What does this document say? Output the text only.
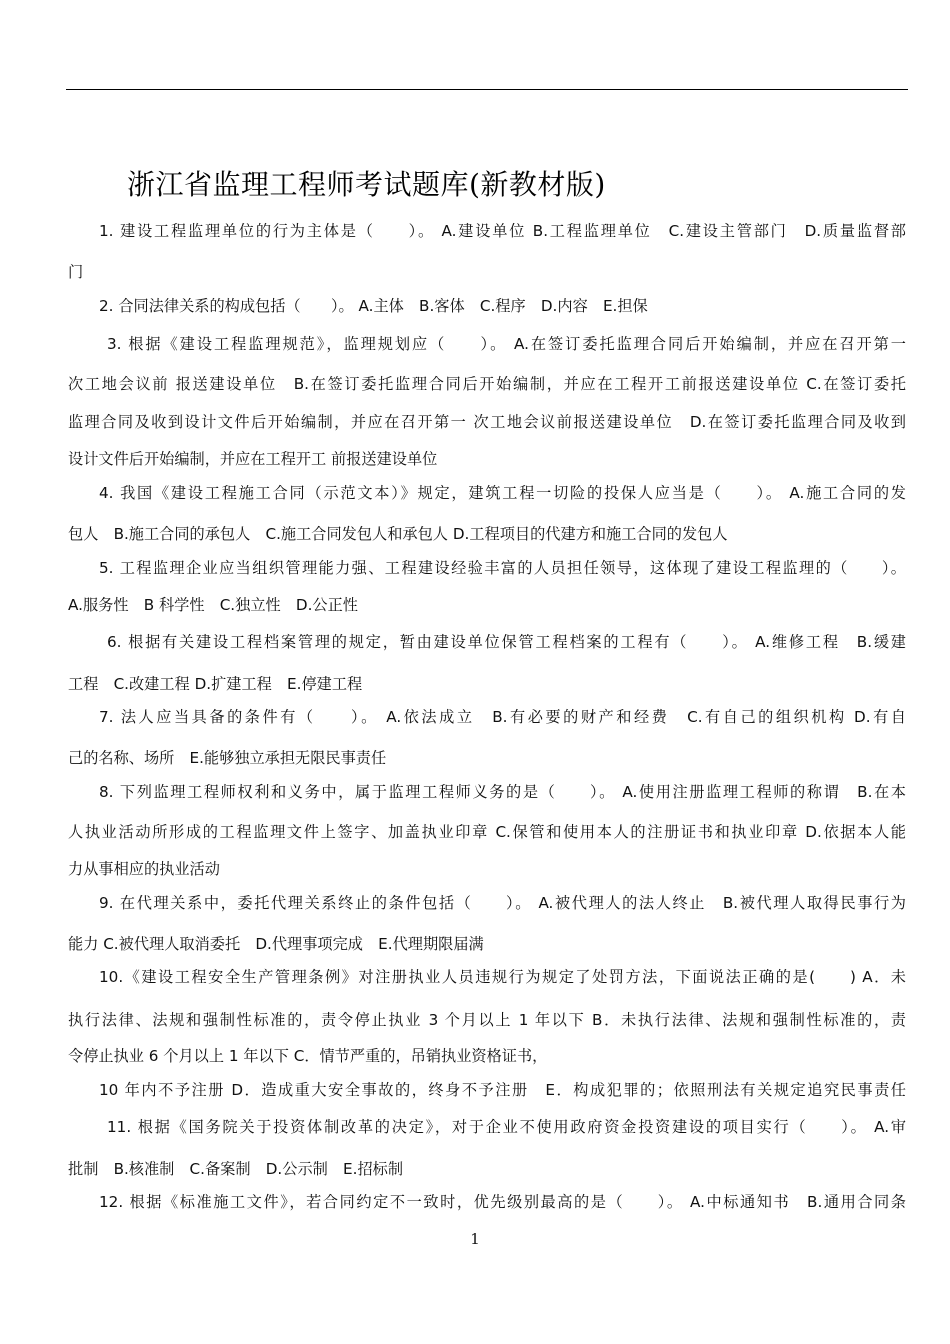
浙江省监理工程师考试题库(新教材版)
1. 建设工程监理单位的行为主体是（　　）。 A.建设单位 B.工程监理单位　C.建设主管部门　D.质量监督部
门
2. 合同法律关系的构成包括（　　）。 A.主体　B.客体　C.程序　D.内容　E.担保
3. 根据《建设工程监理规范》，监理规划应（　　）。 A.在签订委托监理合同后开始编制，并应在召开第一
次工地会议前 报送建设单位　B.在签订委托监理合同后开始编制，并应在工程开工前报送建设单位 C.在签订委托
监理合同及收到设计文件后开始编制，并应在召开第一 次工地会议前报送建设单位　D.在签订委托监理合同及收到
设计文件后开始编制，并应在工程开工 前报送建设单位
4. 我国《建设工程施工合同（示范文本）》规定，建筑工程一切险的投保人应当是（　　）。 A.施工合同的发
包人　B.施工合同的承包人　C.施工合同发包人和承包人 D.工程项目的代建方和施工合同的发包人
5. 工程监理企业应当组织管理能力强、工程建设经验丰富的人员担任领导，这体现了建设工程监理的（　　）。
A.服务性　B 科学性　C.独立性　D.公正性
6. 根据有关建设工程档案管理的规定，暂由建设单位保管工程档案的工程有（　　）。 A.维修工程　B.缓建
工程　C.改建工程 D.扩建工程　E.停建工程
7. 法人应当具备的条件有（　　）。 A.依法成立　B.有必要的财产和经费　C.有自己的组织机构 D.有自
己的名称、场所　E.能够独立承担无限民事责任
8. 下列监理工程师权利和义务中，属于监理工程师义务的是（　　）。 A.使用注册监理工程师的称谓　B.在本
人执业活动所形成的工程监理文件上签字、加盖执业印章 C.保管和使用本人的注册证书和执业印章 D.依据本人能
力从事相应的执业活动
9. 在代理关系中，委托代理关系终止的条件包括（　　）。 A.被代理人的法人终止　B.被代理人取得民事行为
能力 C.被代理人取消委托　D.代理事项完成　E.代理期限届满
10.《建设工程安全生产管理条例》对注册执业人员违规行为规定了处罚方法，下面说法正确的是(　　) A．未
执行法律、法规和强制性标准的，责令停止执业 3 个月以上 1 年以下 B．未执行法律、法规和强制性标准的，责
令停止执业 6 个月以上 1 年以下 C．情节严重的，吊销执业资格证书，
10 年内不予注册 D．造成重大安全事故的，终身不予注册　E．构成犯罪的；依照刑法有关规定追究民事责任
11. 根据《国务院关于投资体制改革的决定》，对于企业不使用政府资金投资建设的项目实行（　　）。 A.审
批制　B.核准制　C.备案制　D.公示制　E.招标制
12. 根据《标准施工文件》，若合同约定不一致时，优先级别最高的是（　　）。 A.中标通知书　B.通用合同条
1
